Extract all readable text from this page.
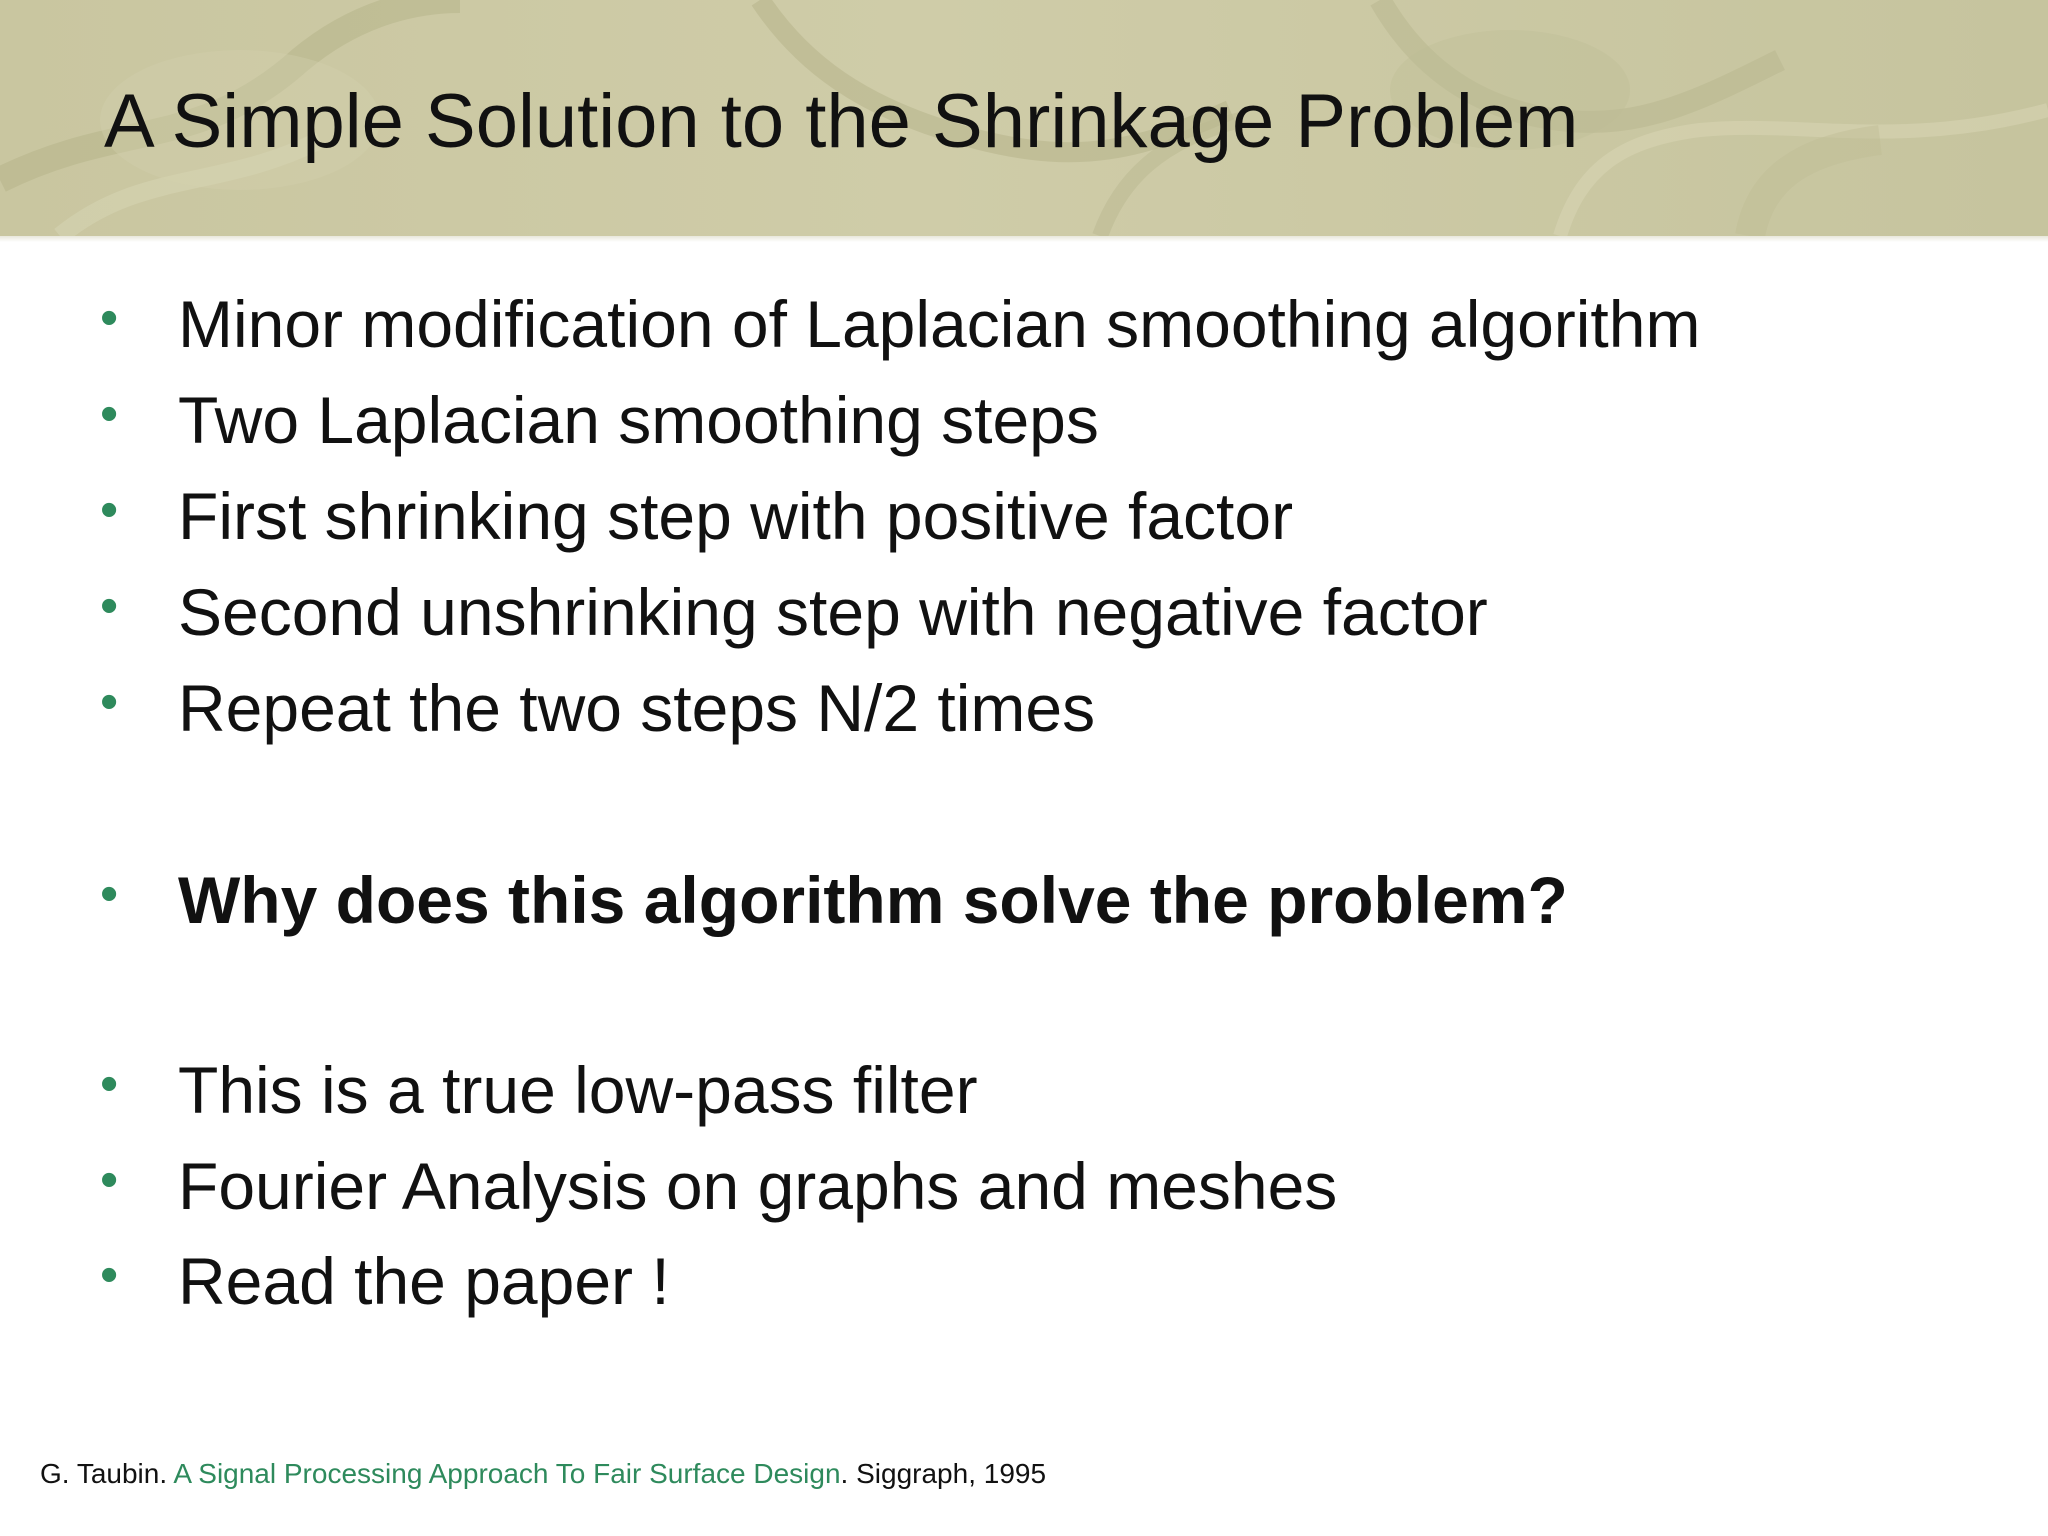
A Simple Solution to the Shrinkage Problem
• Minor modification of Laplacian smoothing algorithm
• Two Laplacian smoothing steps
• First shrinking step with positive factor
• Second unshrinking step with negative factor
• Repeat the two steps N/2 times
• Why does this algorithm solve the problem?
• This is a true low-pass filter
• Fourier Analysis on graphs and meshes
• Read the paper !
G. Taubin. A Signal Processing Approach To Fair Surface Design. Siggraph, 1995
